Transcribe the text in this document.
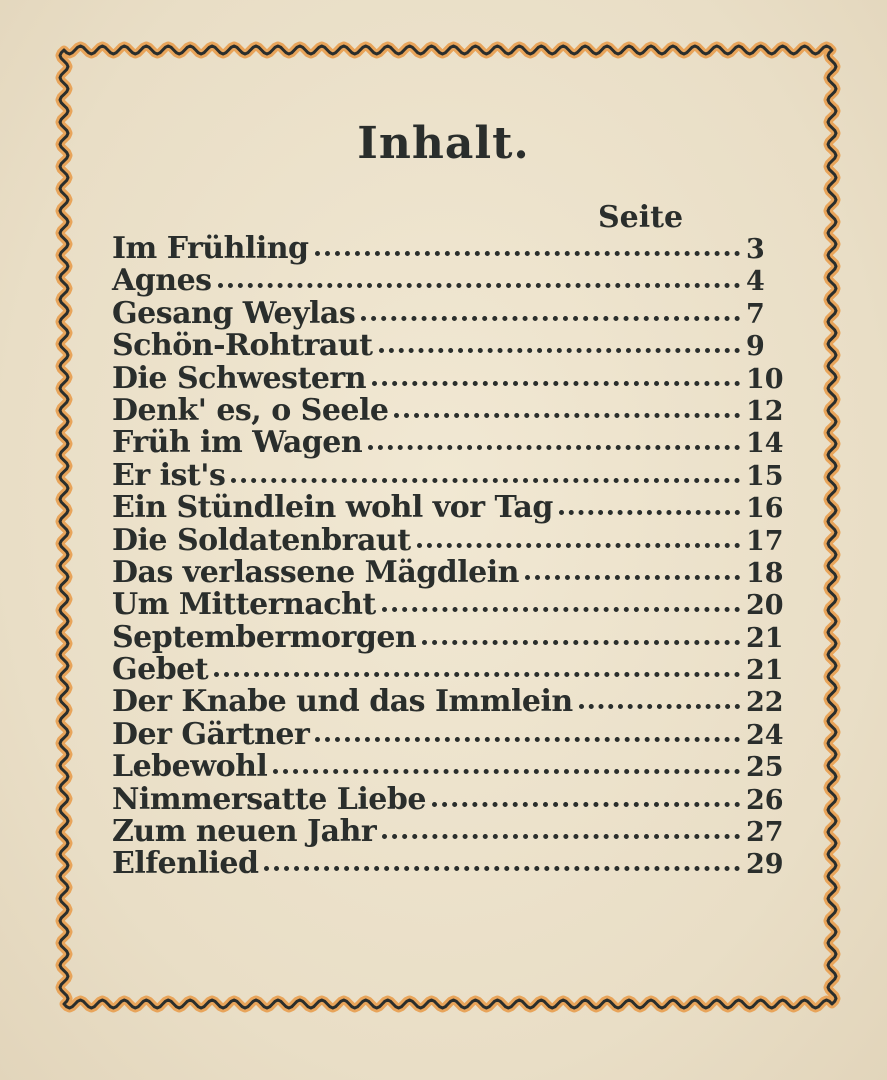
Inhalt.
Seite
Im Frühling	3
Agnes	4
Gesang Weylas	7
Schön-Rohtraut	9
Die Schwestern	10
Denk' es, o Seele	12
Früh im Wagen	14
Er ist's	15
Ein Stündlein wohl vor Tag	16
Die Soldatenbraut	17
Das verlassene Mägdlein	18
Um Mitternacht	20
Septembermorgen	21
Gebet	21
Der Knabe und das Immlein	22
Der Gärtner	24
Lebewohl	25
Nimmersatte Liebe	26
Zum neuen Jahr	27
Elfenlied	29
